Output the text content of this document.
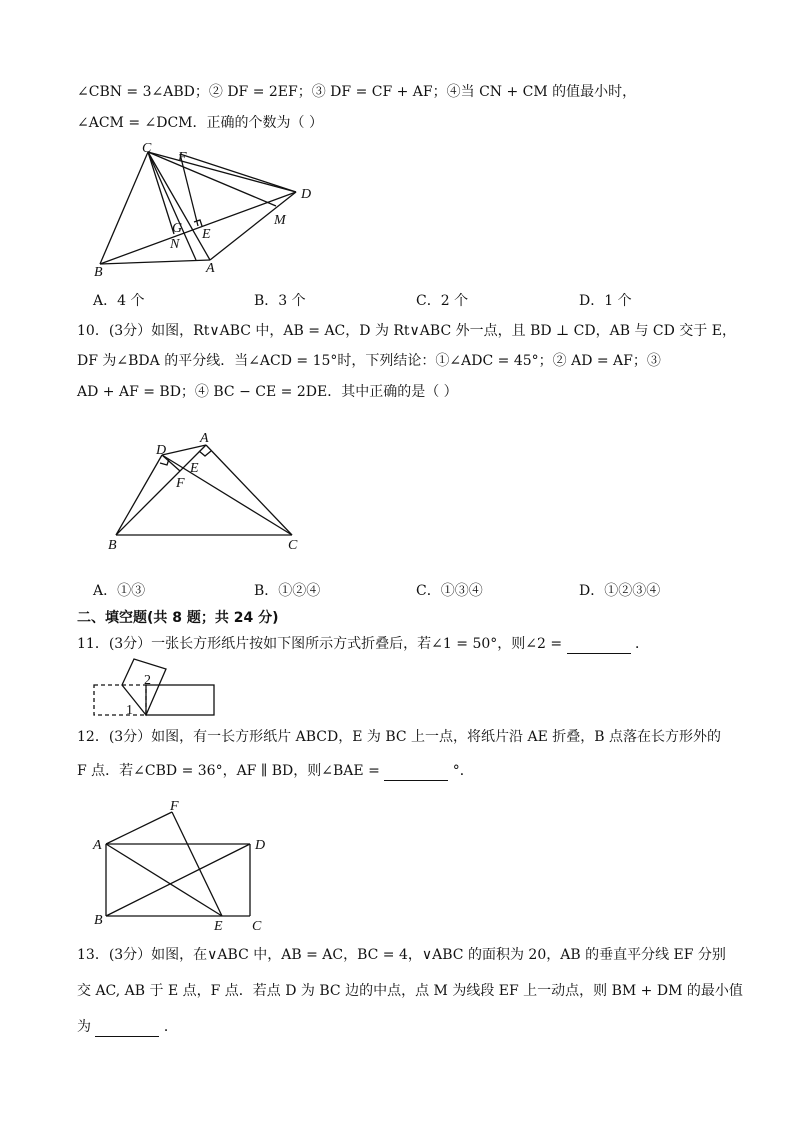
∠CBN = 3∠ABD；② DF = 2EF；③ DF = CF + AF；④当 CN + CM 的值最小时，
∠ACM = ∠DCM．正确的个数为（ ）
C
F
D
M
G E
N
B	A
A．4 个	B．3 个	C．2 个	D．1 个
10．(3分）如图，Rt∨ABC 中，AB = AC，D 为 Rt∨ABC 外一点，且 BD ⊥ CD，AB 与 CD 交于 E，
DF 为∠BDA 的平分线．当∠ACD = 15°时，下列结论：①∠ADC = 45°；② AD = AF；③
AD + AF = BD；④ BC − CE = 2DE．其中正确的是（ ）
D
A
E
F
B	C
A．①③	B．①②④	C．①③④	D．①②③④
二、填空题(共 8 题；共 24 分)
11．(3分）一张长方形纸片按如下图所示方式折叠后，若∠1 = 50°，则∠2 =	．
2
1
12．(3分）如图，有一长方形纸片 ABCD，E 为 BC 上一点，将纸片沿 AE 折叠，B 点落在长方形外的
F 点．若∠CBD = 36°，AF ∥ BD，则∠BAE =	°．
F
A	D
B	E C
13．(3分）如图，在∨ABC 中，AB = AC，BC = 4，∨ABC 的面积为 20，AB 的垂直平分线 EF 分别
交 AC, AB 于 E 点，F 点．若点 D 为 BC 边的中点，点 M 为线段 EF 上一动点，则 BM + DM 的最小值
为	．
